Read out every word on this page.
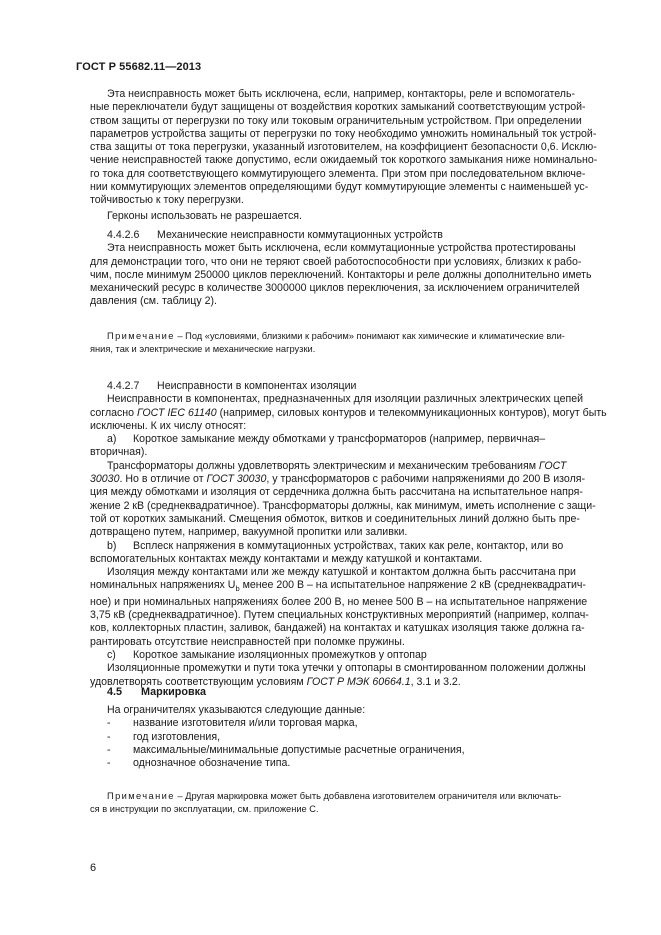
ГОСТ Р 55682.11—2013
Эта неисправность может быть исключена, если, например, контакторы, реле и вспомогатель-
ные переключатели будут защищены от воздействия коротких замыканий соответствующим устрой-
ством защиты от перегрузки по току или токовым ограничительным устройством. При определении
параметров устройства защиты от перегрузки по току необходимо умножить номинальный ток устрой-
ства защиты от тока перегрузки, указанный изготовителем, на коэффициент безопасности 0,6. Исклю-
чение неисправностей также допустимо, если ожидаемый ток короткого замыкания ниже номинально-
го тока для соответствующего коммутирующего элемента. При этом при последовательном включе-
нии коммутирующих элементов определяющими будут коммутирующие элементы с наименьшей ус-
тойчивостью к току перегрузки.
Герконы использовать не разрешается.
4.4.2.6      Механические неисправности коммутационных устройств
Эта неисправность может быть исключена, если коммутационные устройства протестированы
для демонстрации того, что они не теряют своей работоспособности при условиях, близких к рабо-
чим, после минимум 250000 циклов переключений. Контакторы и реле должны дополнительно иметь
механический ресурс в количестве 3000000 циклов переключения, за исключением ограничителей
давления (см. таблицу 2).
Примечание – Под «условиями, близкими к рабочим» понимают как химические и климатические вли-
яния, так и электрические и механические нагрузки.
4.4.2.7      Неисправности в компонентах изоляции
Неисправности в компонентах, предназначенных для изоляции различных электрических цепей
согласно ГОСТ IEC 61140 (например, силовых контуров и телекоммуникационных контуров), могут быть
исключены. К их числу относят:
a) Короткое замыкание между обмотками у трансформаторов (например, первичная–
вторичная).
Трансформаторы должны удовлетворять электрическим и механическим требованиям ГОСТ
30030. Но в отличие от ГОСТ 30030, у трансформаторов с рабочими напряжениями до 200 В изоля-
ция между обмотками и изоляция от сердечника должна быть рассчитана на испытательное напря-
жение 2 кВ (среднеквадратичное). Трансформаторы должны, как минимум, иметь исполнение с защи-
той от коротких замыканий. Смещения обмоток, витков и соединительных линий должно быть пре-
дотвращено путем, например, вакуумной пропитки или заливки.
b) Всплеск напряжения в коммутационных устройствах, таких как реле, контактор, или во
вспомогательных контактах между контактами и между катушкой и контактами.
Изоляция между контактами или же между катушкой и контактом должна быть рассчитана при
номинальных напряжениях $U_b$ менее 200 В – на испытательное напряжение 2 кВ (среднеквадратич-
ное) и при номинальных напряжениях более 200 В, но менее 500 В – на испытательное напряжение
3,75 кВ (среднеквадратичное). Путем специальных конструктивных мероприятий (например, колпач-
ков, коллекторных пластин, заливок, бандажей) на контактах и катушках изоляция также должна га-
рантировать отсутствие неисправностей при поломке пружины.
c) Короткое замыкание изоляционных промежутков у оптопар
Изоляционные промежутки и пути тока утечки у оптопары в смонтированном положении должны
удовлетворять соответствующим условиям ГОСТ Р МЭК 60664.1, 3.1 и 3.2.
4.5 Маркировка
На ограничителях указываются следующие данные:
- название изготовителя и/или торговая марка,
- год изготовления,
- максимальные/минимальные допустимые расчетные ограничения,
- однозначное обозначение типа.
Примечание – Другая маркировка может быть добавлена изготовителем ограничителя или включать-
ся в инструкции по эксплуатации, см. приложение С.
6
